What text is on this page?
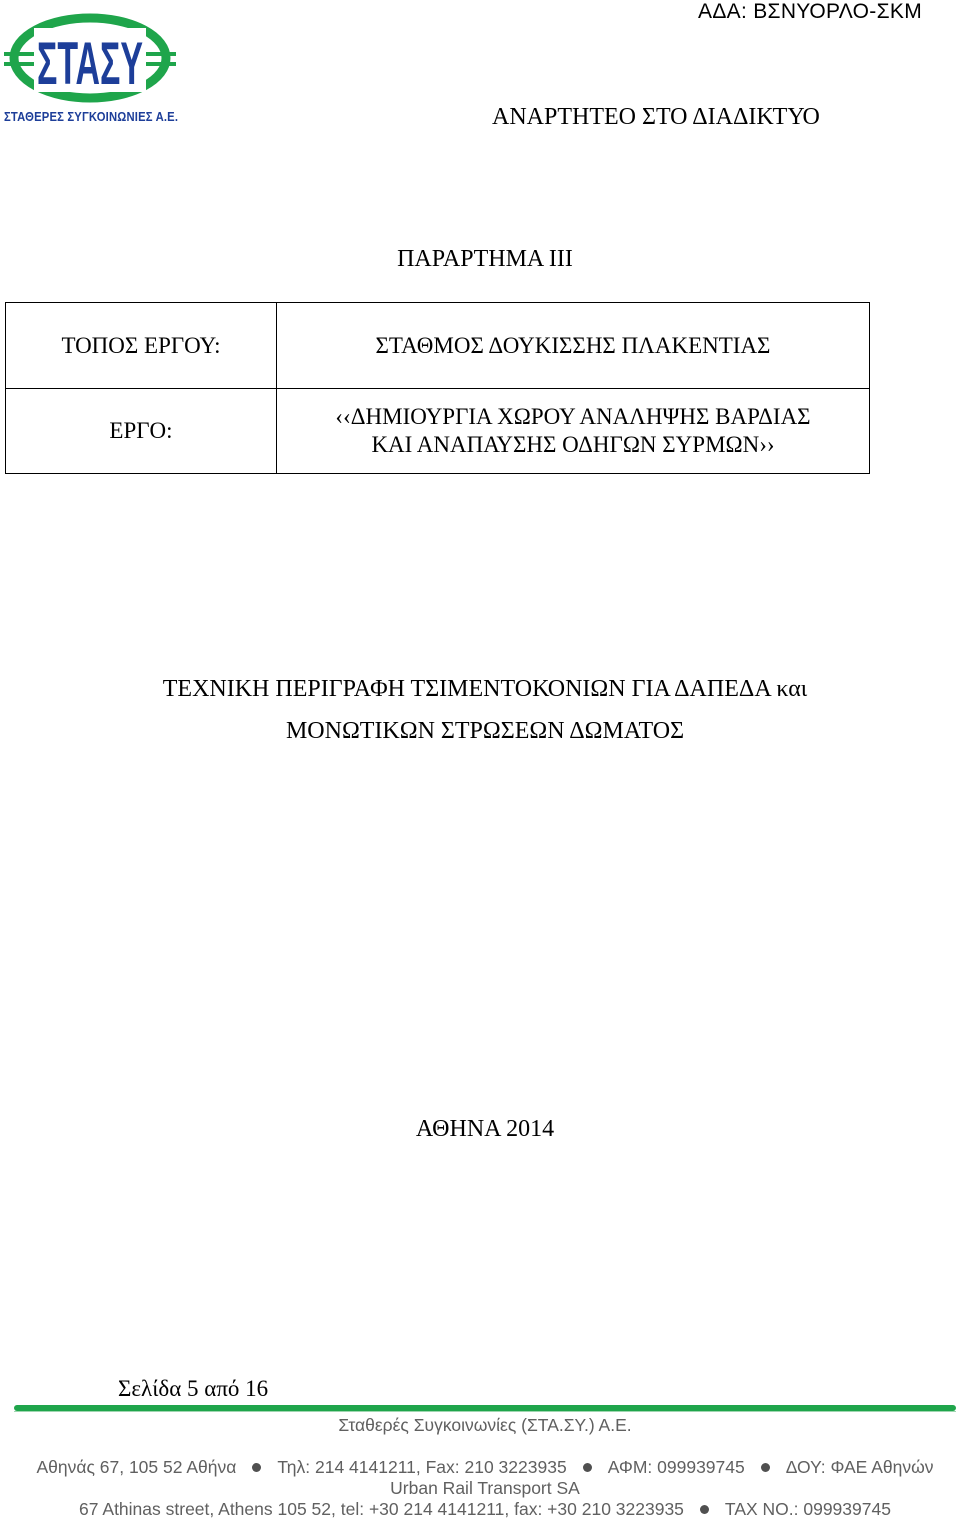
ΑΔΑ: ΒΣΝΥΟΡΛΟ-ΣΚΜ
ΣΤΑΣΥ
ΣΤΑΘΕΡΕΣ ΣΥΓΚΟΙΝΩΝΙΕΣ Α.Ε.	ΑΝΑΡΤΗΤΕΟ ΣΤΟ ΔΙΑΔΙΚΤΥΟ
ΠΑΡΑΡΤΗΜΑ ΙΙΙ
ΤΟΠΟΣ ΕΡΓΟΥ:	ΣΤΑΘΜΟΣ ΔΟΥΚΙΣΣΗΣ ΠΛΑΚΕΝΤΙΑΣ
ΕΡΓΟ:	‹‹ΔΗΜΙΟΥΡΓΙΑ ΧΩΡΟΥ ΑΝΑΛΗΨΗΣ ΒΑΡΔΙΑΣ
ΚΑΙ ΑΝΑΠΑΥΣΗΣ ΟΔΗΓΩΝ ΣΥΡΜΩΝ››
ΤΕΧΝΙΚΗ ΠΕΡΙΓΡΑΦΗ ΤΣΙΜΕΝΤΟΚΟΝΙΩΝ ΓΙΑ ΔΑΠΕΔΑ και
ΜΟΝΩΤΙΚΩΝ ΣΤΡΩΣΕΩΝ ΔΩΜΑΤΟΣ
ΑΘΗΝΑ 2014
Σελίδα 5 από 16
Σταθερές Συγκοινωνίες (ΣΤΑ.ΣΥ.) Α.Ε.
Αθηνάς 67, 105 52 Αθήνα Τηλ: 214 4141211, Fax: 210 3223935 ΑΦΜ: 099939745 ΔΟΥ: ΦΑΕ Αθηνών
Urban Rail Transport SA
67 Athinas street, Athens 105 52, tel: +30 214 4141211, fax: +30 210 3223935 TAX NO.: 099939745
